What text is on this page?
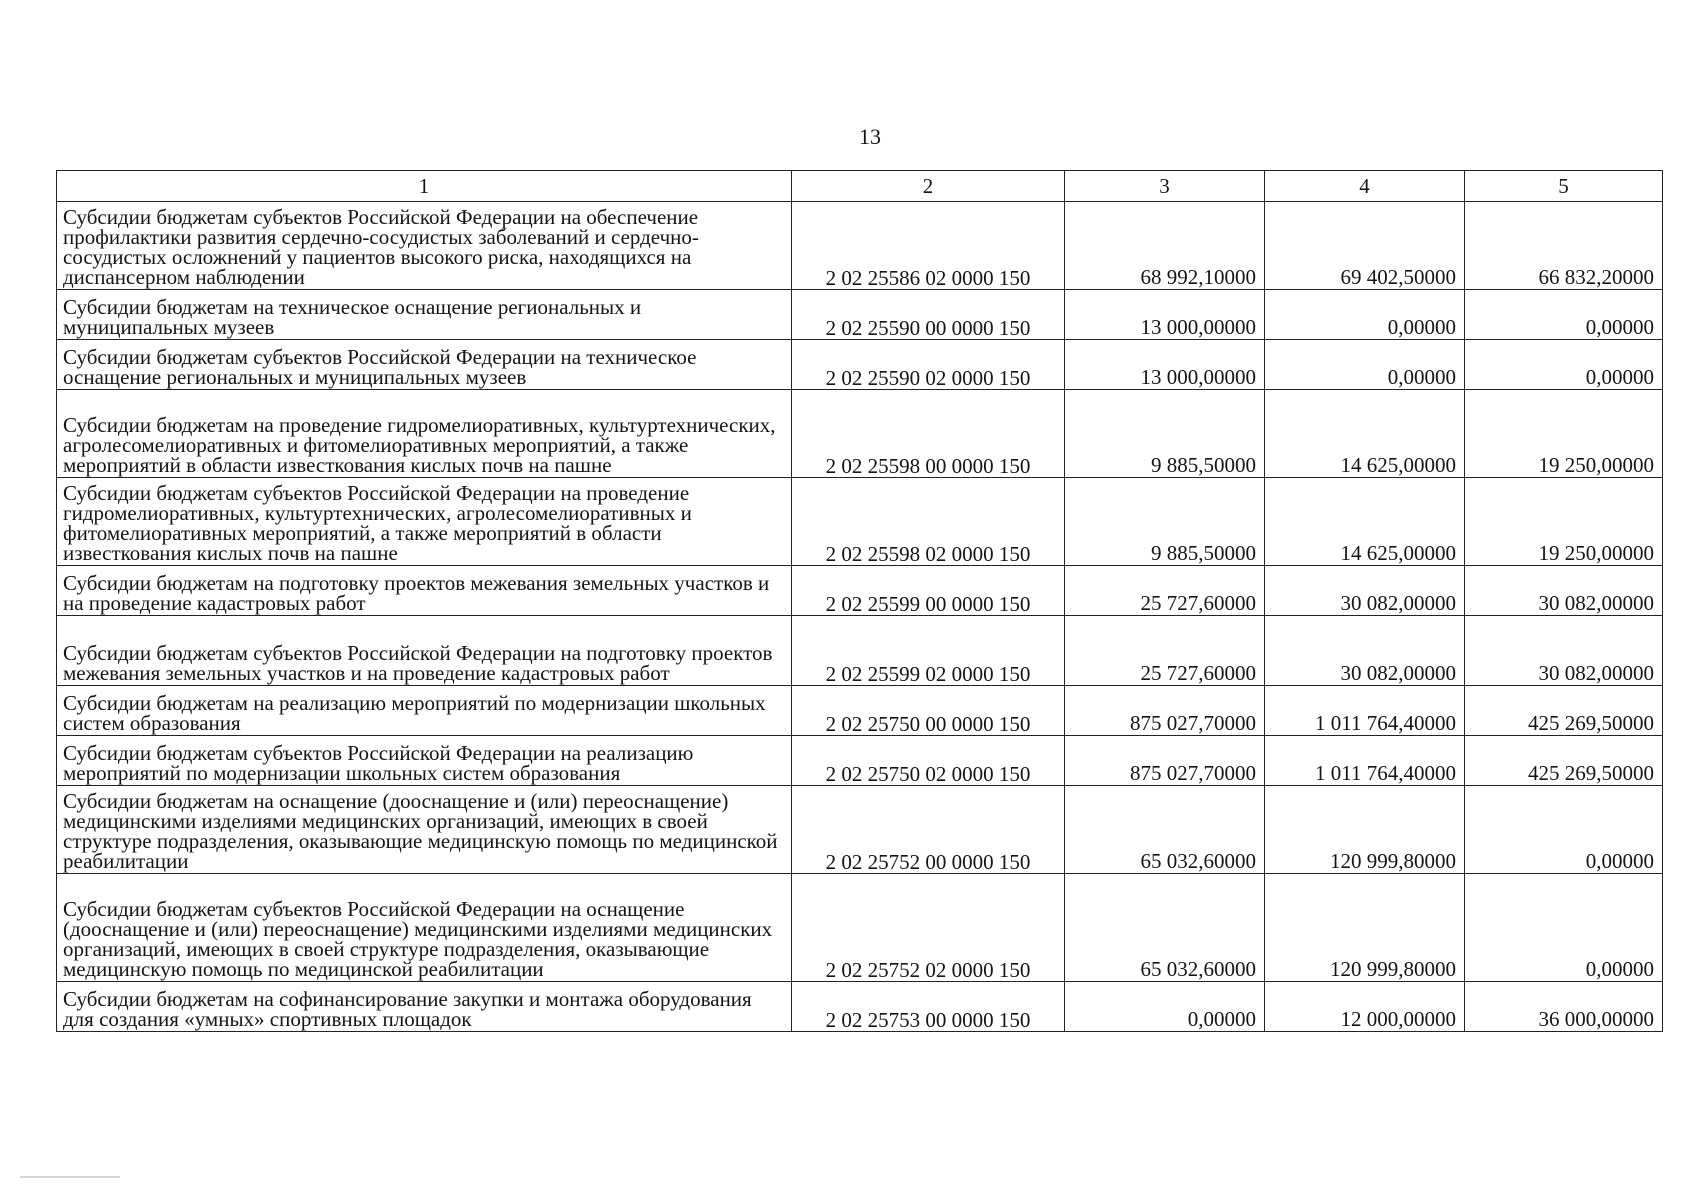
13
1	2	3	4	5
Субсидии бюджетам субъектов Российской Федерации на обеспечение профилактики развития сердечно-сосудистых заболеваний и сердечно-сосудистых осложнений у пациентов высокого риска, находящихся на диспансерном наблюдении	2 02 25586 02 0000 150	68 992,10000	69 402,50000	66 832,20000
Субсидии бюджетам на техническое оснащение региональных и муниципальных музеев	2 02 25590 00 0000 150	13 000,00000	0,00000	0,00000
Субсидии бюджетам субъектов Российской Федерации на техническое оснащение региональных и муниципальных музеев	2 02 25590 02 0000 150	13 000,00000	0,00000	0,00000
Субсидии бюджетам на проведение гидромелиоративных, культуртехнических, агролесомелиоративных и фитомелиоративных мероприятий, а также мероприятий в области известкования кислых почв на пашне	2 02 25598 00 0000 150	9 885,50000	14 625,00000	19 250,00000
Субсидии бюджетам субъектов Российской Федерации на проведение гидромелиоративных, культуртехнических, агролесомелиоративных и фитомелиоративных мероприятий, а также мероприятий в области известкования кислых почв на пашне	2 02 25598 02 0000 150	9 885,50000	14 625,00000	19 250,00000
Субсидии бюджетам на подготовку проектов межевания земельных участков и на проведение кадастровых работ	2 02 25599 00 0000 150	25 727,60000	30 082,00000	30 082,00000
Субсидии бюджетам субъектов Российской Федерации на подготовку проектов межевания земельных участков и на проведение кадастровых работ	2 02 25599 02 0000 150	25 727,60000	30 082,00000	30 082,00000
Субсидии бюджетам на реализацию мероприятий по модернизации школьных систем образования	2 02 25750 00 0000 150	875 027,70000	1 011 764,40000	425 269,50000
Субсидии бюджетам субъектов Российской Федерации на реализацию мероприятий по модернизации школьных систем образования	2 02 25750 02 0000 150	875 027,70000	1 011 764,40000	425 269,50000
Субсидии бюджетам на оснащение (дооснащение и (или) переоснащение) медицинскими изделиями медицинских организаций, имеющих в своей структуре подразделения, оказывающие медицинскую помощь по медицинской реабилитации	2 02 25752 00 0000 150	65 032,60000	120 999,80000	0,00000
Субсидии бюджетам субъектов Российской Федерации на оснащение (дооснащение и (или) переоснащение) медицинскими изделиями медицинских организаций, имеющих в своей структуре подразделения, оказывающие медицинскую помощь по медицинской реабилитации	2 02 25752 02 0000 150	65 032,60000	120 999,80000	0,00000
Субсидии бюджетам на софинансирование закупки и монтажа оборудования для создания «умных» спортивных площадок	2 02 25753 00 0000 150	0,00000	12 000,00000	36 000,00000
